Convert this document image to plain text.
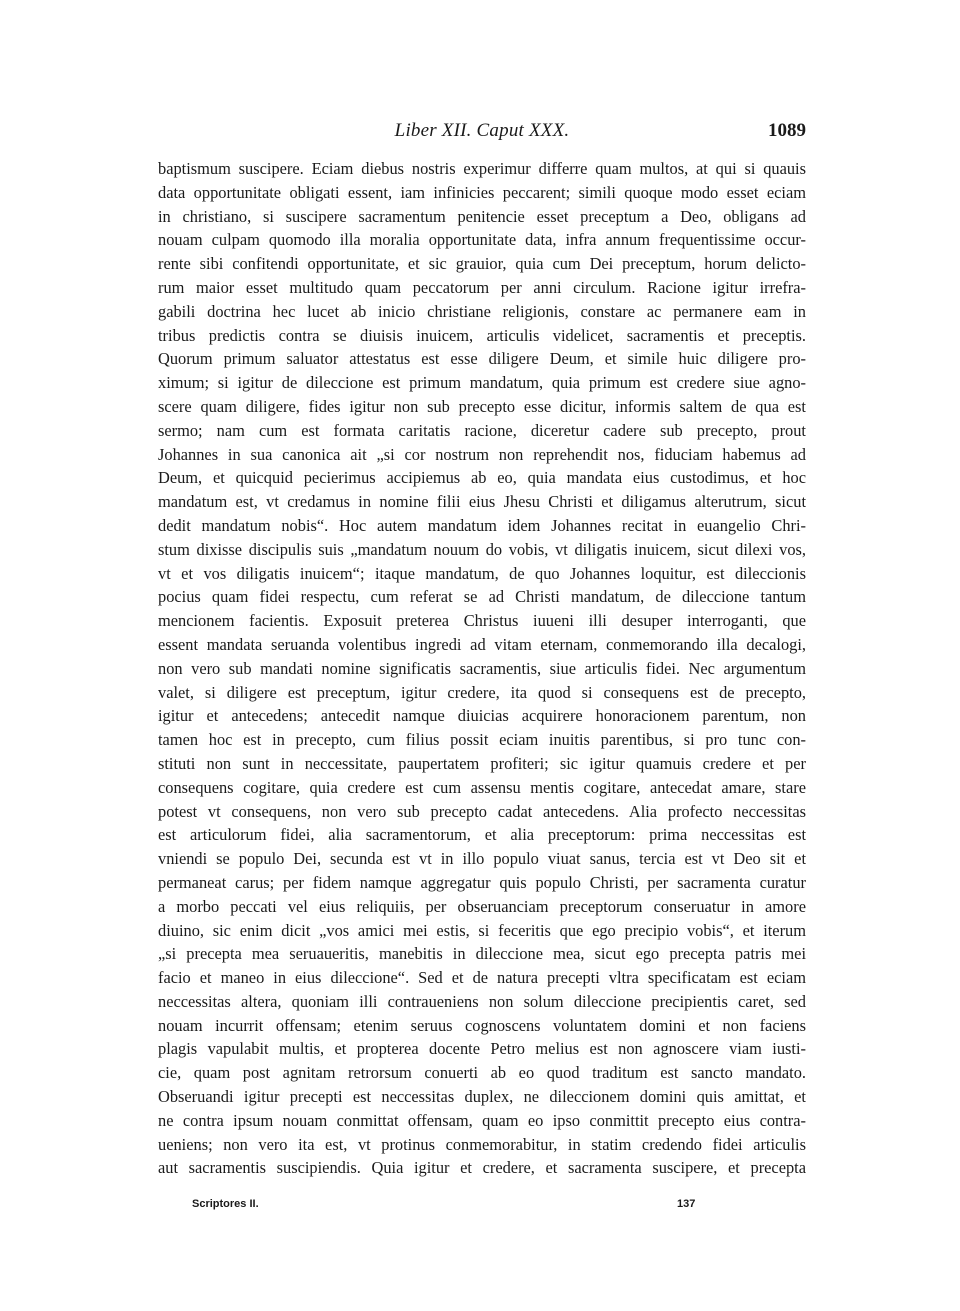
Liber XII. Caput XXX.	1089
baptismum suscipere. Eciam diebus nostris experimur differre quam multos, at qui si quauis
data opportunitate obligati essent, iam infinicies peccarent; simili quoque modo esset eciam
in christiano, si suscipere sacramentum penitencie esset preceptum a Deo, obligans ad
nouam culpam quomodo illa moralia opportunitate data, infra annum frequentissime occur-
rente sibi confitendi opportunitate, et sic grauior, quia cum Dei preceptum, horum delicto-
rum maior esset multitudo quam peccatorum per anni circulum. Racione igitur irrefra-
gabili doctrina hec lucet ab inicio christiane religionis, constare ac permanere eam in
tribus predictis contra se diuisis inuicem, articulis videlicet, sacramentis et preceptis.
Quorum primum saluator attestatus est esse diligere Deum, et simile huic diligere pro-
ximum; si igitur de dileccione est primum mandatum, quia primum est credere siue agno-
scere quam diligere, fides igitur non sub precepto esse dicitur, informis saltem de qua est
sermo; nam cum est formata caritatis racione, diceretur cadere sub precepto, prout
Johannes in sua canonica ait „si cor nostrum non reprehendit nos, fiduciam habemus ad
Deum, et quicquid pecierimus accipiemus ab eo, quia mandata eius custodimus, et hoc
mandatum est, vt credamus in nomine filii eius Jhesu Christi et diligamus alterutrum, sicut
dedit mandatum nobis“. Hoc autem mandatum idem Johannes recitat in euangelio Chri-
stum dixisse discipulis suis „mandatum nouum do vobis, vt diligatis inuicem, sicut dilexi vos,
vt et vos diligatis inuicem“; itaque mandatum, de quo Johannes loquitur, est dileccionis
pocius quam fidei respectu, cum referat se ad Christi mandatum, de dileccione tantum
mencionem facientis. Exposuit preterea Christus iuueni illi desuper interroganti, que
essent mandata seruanda volentibus ingredi ad vitam eternam, conmemorando illa decalogi,
non vero sub mandati nomine significatis sacramentis, siue articulis fidei. Nec argumentum
valet, si diligere est preceptum, igitur credere, ita quod si consequens est de precepto,
igitur et antecedens; antecedit namque diuicias acquirere honoracionem parentum, non
tamen hoc est in precepto, cum filius possit eciam inuitis parentibus, si pro tunc con-
stituti non sunt in neccessitate, paupertatem profiteri; sic igitur quamuis credere et per
consequens cogitare, quia credere est cum assensu mentis cogitare, antecedat amare, stare
potest vt consequens, non vero sub precepto cadat antecedens. Alia profecto neccessitas
est articulorum fidei, alia sacramentorum, et alia preceptorum: prima neccessitas est
vniendi se populo Dei, secunda est vt in illo populo viuat sanus, tercia est vt Deo sit et
permaneat carus; per fidem namque aggregatur quis populo Christi, per sacramenta curatur
a morbo peccati vel eius reliquiis, per obseruanciam preceptorum conseruatur in amore
diuino, sic enim dicit „vos amici mei estis, si feceritis que ego precipio vobis“, et iterum
„si precepta mea seruaueritis, manebitis in dileccione mea, sicut ego precepta patris mei
facio et maneo in eius dileccione“. Sed et de natura precepti vltra specificatam est eciam
neccessitas altera, quoniam illi contraueniens non solum dileccione precipientis caret, sed
nouam incurrit offensam; etenim seruus cognoscens voluntatem domini et non faciens
plagis vapulabit multis, et propterea docente Petro melius est non agnoscere viam iusti-
cie, quam post agnitam retrorsum conuerti ab eo quod traditum est sancto mandato.
Obseruandi igitur precepti est neccessitas duplex, ne dileccionem domini quis amittat, et
ne contra ipsum nouam conmittat offensam, quam eo ipso conmittit precepto eius contra-
ueniens; non vero ita est, vt protinus conmemorabitur, in statim credendo fidei articulis
aut sacramentis suscipiendis. Quia igitur et credere, et sacramenta suscipere, et precepta
Scriptores II.	137
